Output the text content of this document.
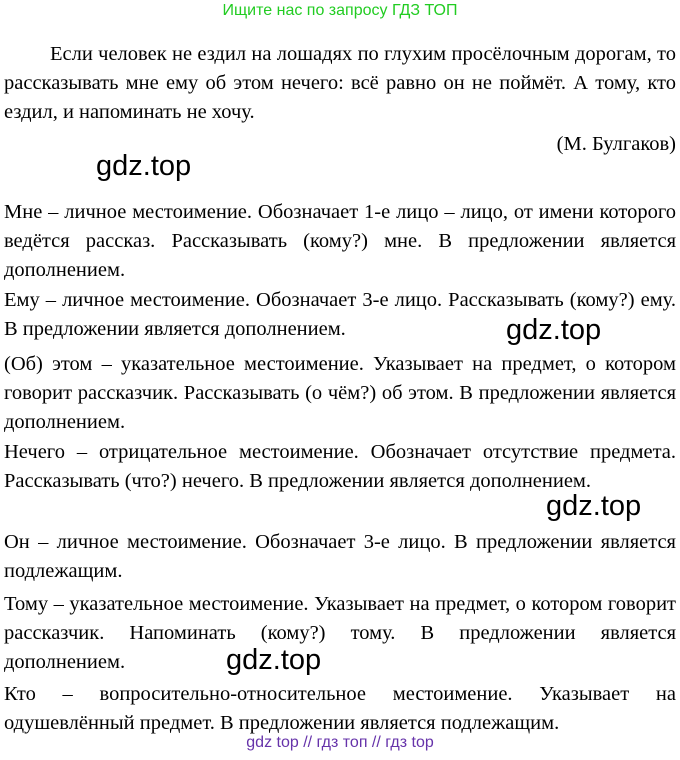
Ищите нас по запросу ГДЗ ТОП
Если человек не ездил на лошадях по глухим просёлочным дорогам, то рассказывать мне ему об этом нечего: всё равно он не поймёт. А тому, кто ездил, и напоминать не хочу.
(М. Булгаков)
gdz.top
Мне – личное местоимение. Обозначает 1-е лицо – лицо, от имени которого ведётся рассказ. Рассказывать (кому?) мне. В предложении является дополнением.
Ему – личное местоимение. Обозначает 3-е лицо. Рассказывать (кому?) ему. В предложении является дополнением.	gdz.top
(Об) этом – указательное местоимение. Указывает на предмет, о котором говорит рассказчик. Рассказывать (о чём?) об этом. В предложении является дополнением.
Нечего – отрицательное местоимение. Обозначает отсутствие предмета. Рассказывать (что?) нечего. В предложении является дополнением.
gdz.top
Он – личное местоимение. Обозначает 3-е лицо. В предложении является подлежащим.
Тому – указательное местоимение. Указывает на предмет, о котором говорит рассказчик. Напоминать (кому?) тому. В предложении является дополнением.	gdz.top
Кто – вопросительно-относительное местоимение. Указывает на одушевлённый предмет. В предложении является подлежащим.
gdz top // гдз топ // гдз top
